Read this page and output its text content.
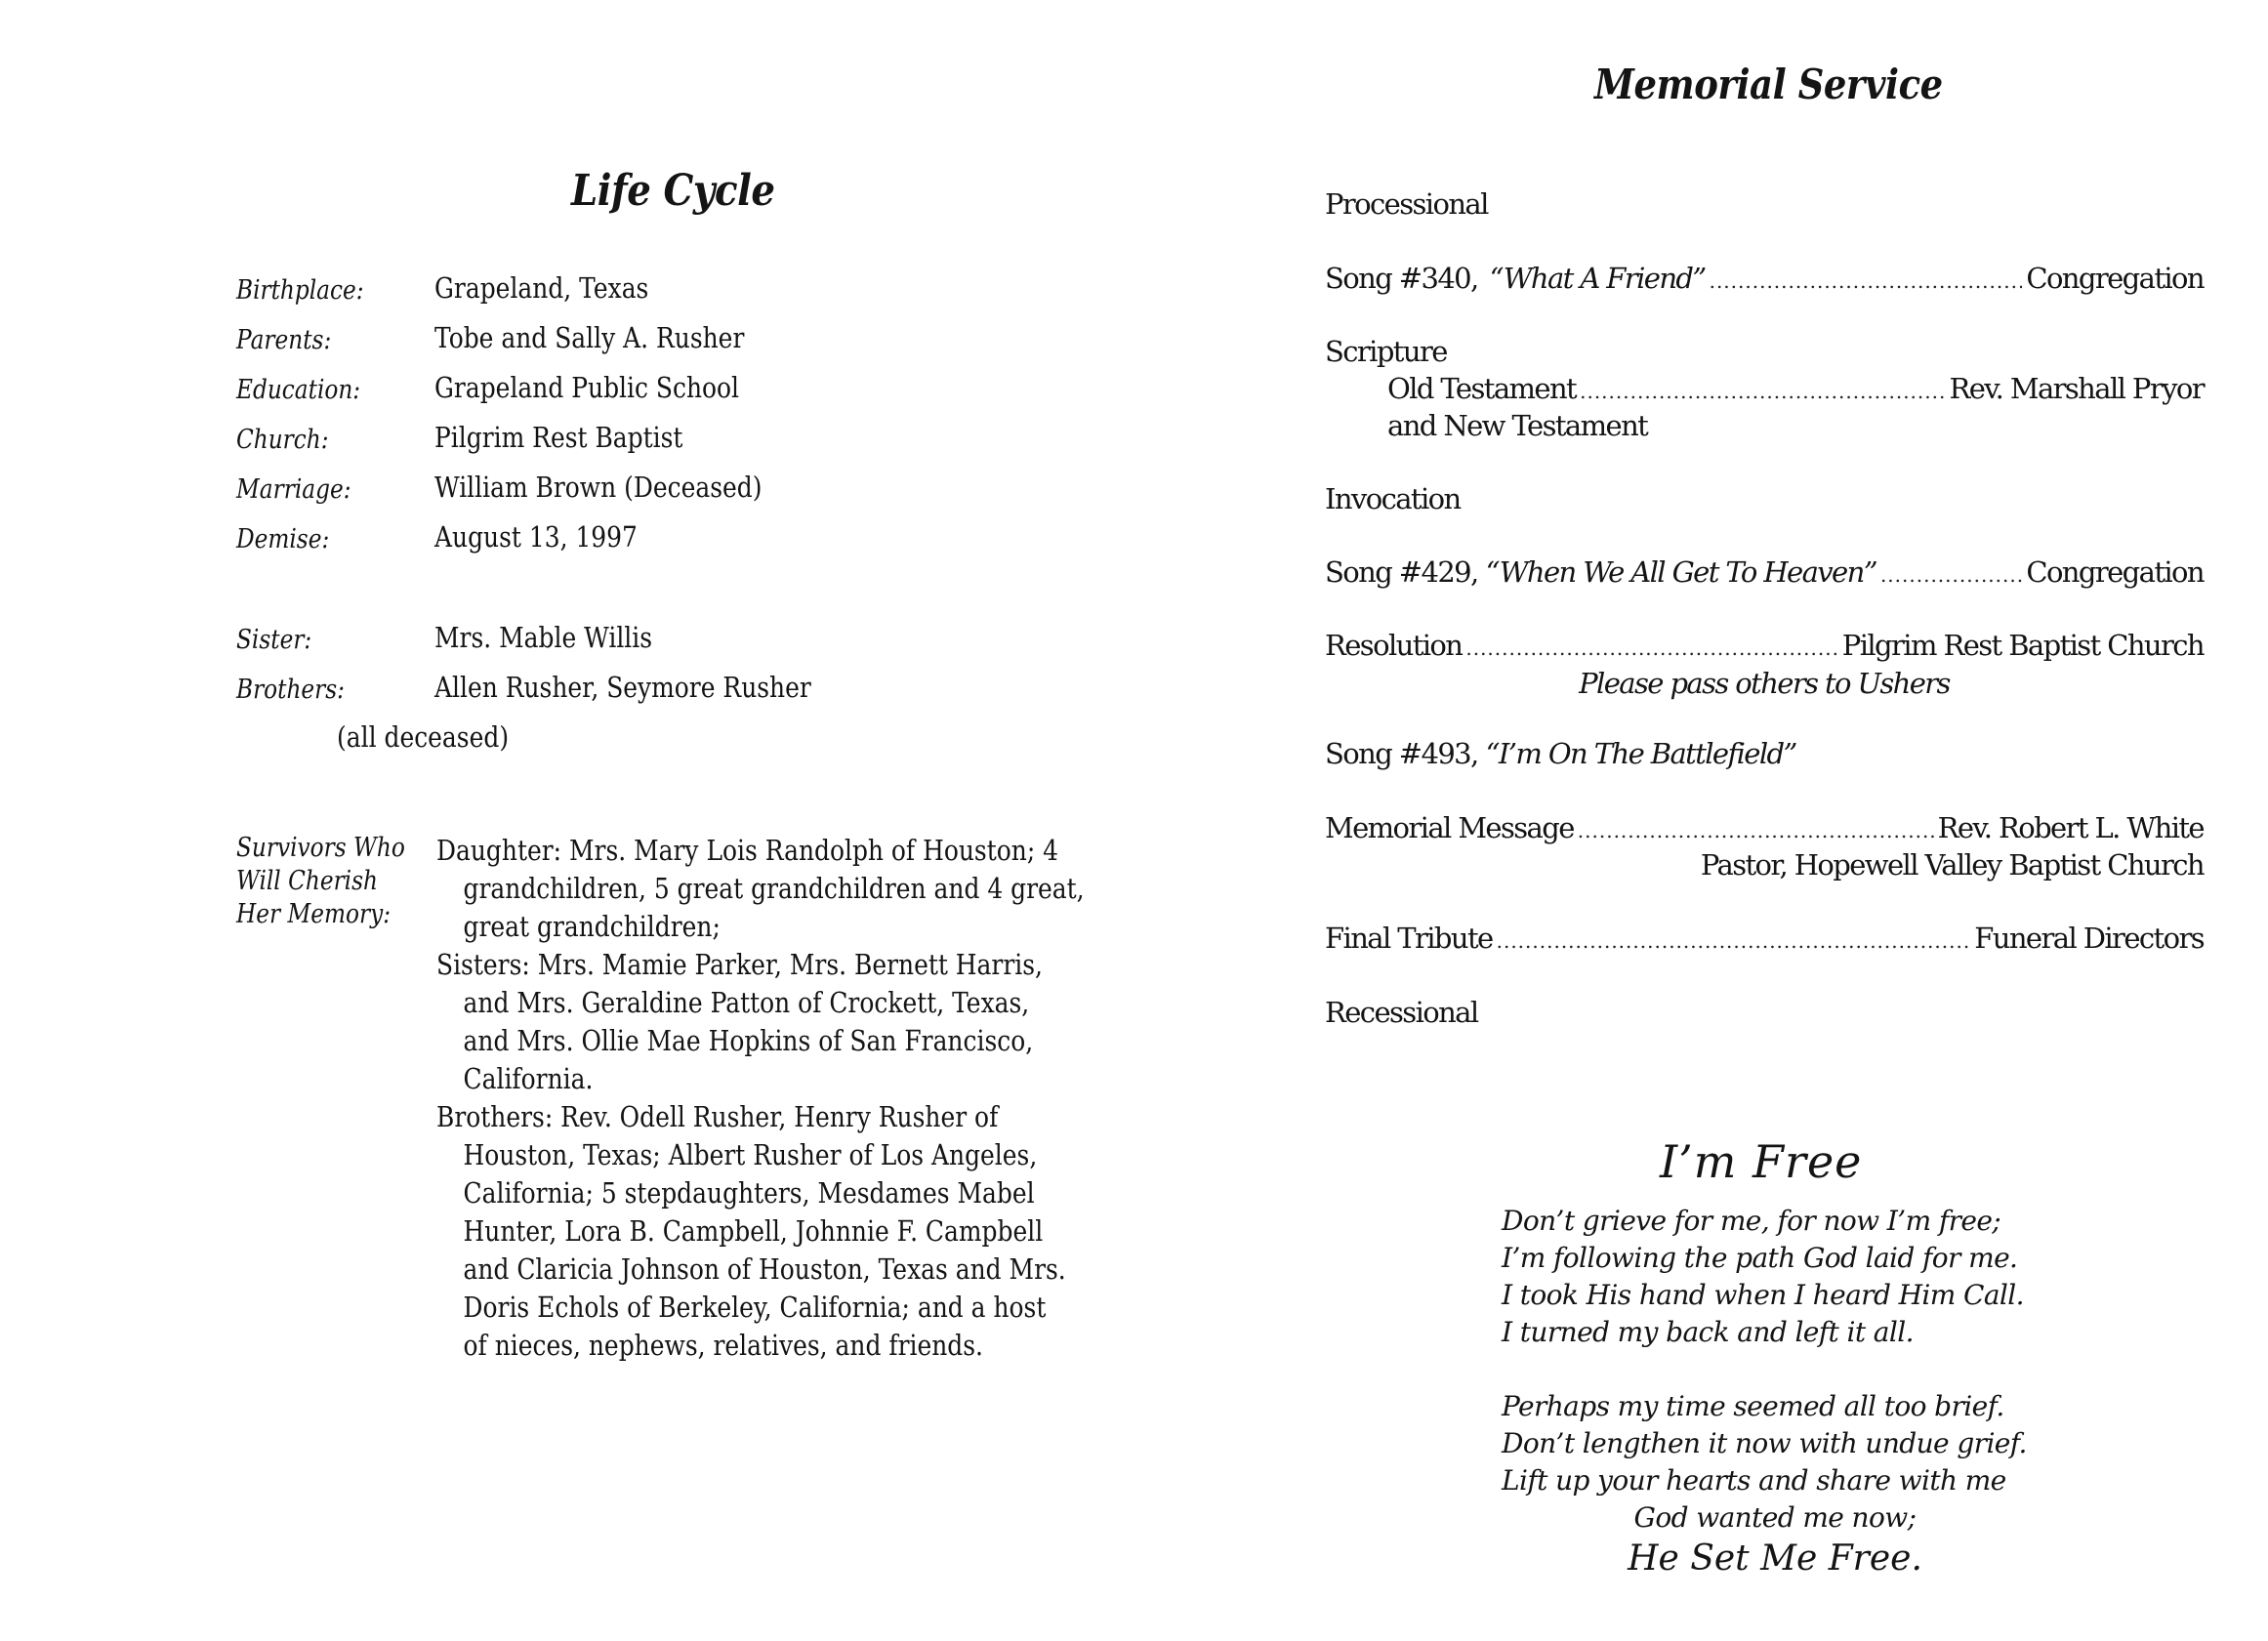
Life Cycle
Birthplace: Grapeland, Texas
Parents:	Tobe and Sally A. Rusher
Education:	Grapeland Public School
Church:	Pilgrim Rest Baptist
Marriage:	William Brown (Deceased)
Demise:	August 13, 1997
Sister:	Mrs. Mable Willis
Brothers:	Allen Rusher, Seymore Rusher
(all deceased)
Survivors Who
Will Cherish
Her Memory:
Daughter: Mrs. Mary Lois Randolph of Houston; 4
grandchildren, 5 great grandchildren and 4 great,
great grandchildren;
Sisters: Mrs. Mamie Parker, Mrs. Bernett Harris,
and Mrs. Geraldine Patton of Crockett, Texas,
and Mrs. Ollie Mae Hopkins of San Francisco,
California.
Brothers: Rev. Odell Rusher, Henry Rusher of
Houston, Texas; Albert Rusher of Los Angeles,
California; 5 stepdaughters, Mesdames Mabel
Hunter, Lora B. Campbell, Johnnie F. Campbell
and Claricia Johnson of Houston, Texas and Mrs.
Doris Echols of Berkeley, California; and a host
of nieces, nephews, relatives, and friends.
Memorial Service
Processional
Song #340, “What A Friend” .....	Congregation
Scripture
Old Testament .....	Rev. Marshall Pryor
and New Testament
Invocation
Song #429, “When We All Get To Heaven” .....	Congregation
Resolution .....	Pilgrim Rest Baptist Church
Please pass others to Ushers
Song #493, “I’m On The Battlefield”
Memorial Message .....	Rev. Robert L. White
Pastor, Hopewell Valley Baptist Church
Final Tribute .....	Funeral Directors
Recessional
I’m Free
Don’t grieve for me, for now I’m free;
I’m following the path God laid for me.
I took His hand when I heard Him Call.
I turned my back and left it all.
Perhaps my time seemed all too brief.
Don’t lengthen it now with undue grief.
Lift up your hearts and share with me
God wanted me now;
He Set Me Free.
